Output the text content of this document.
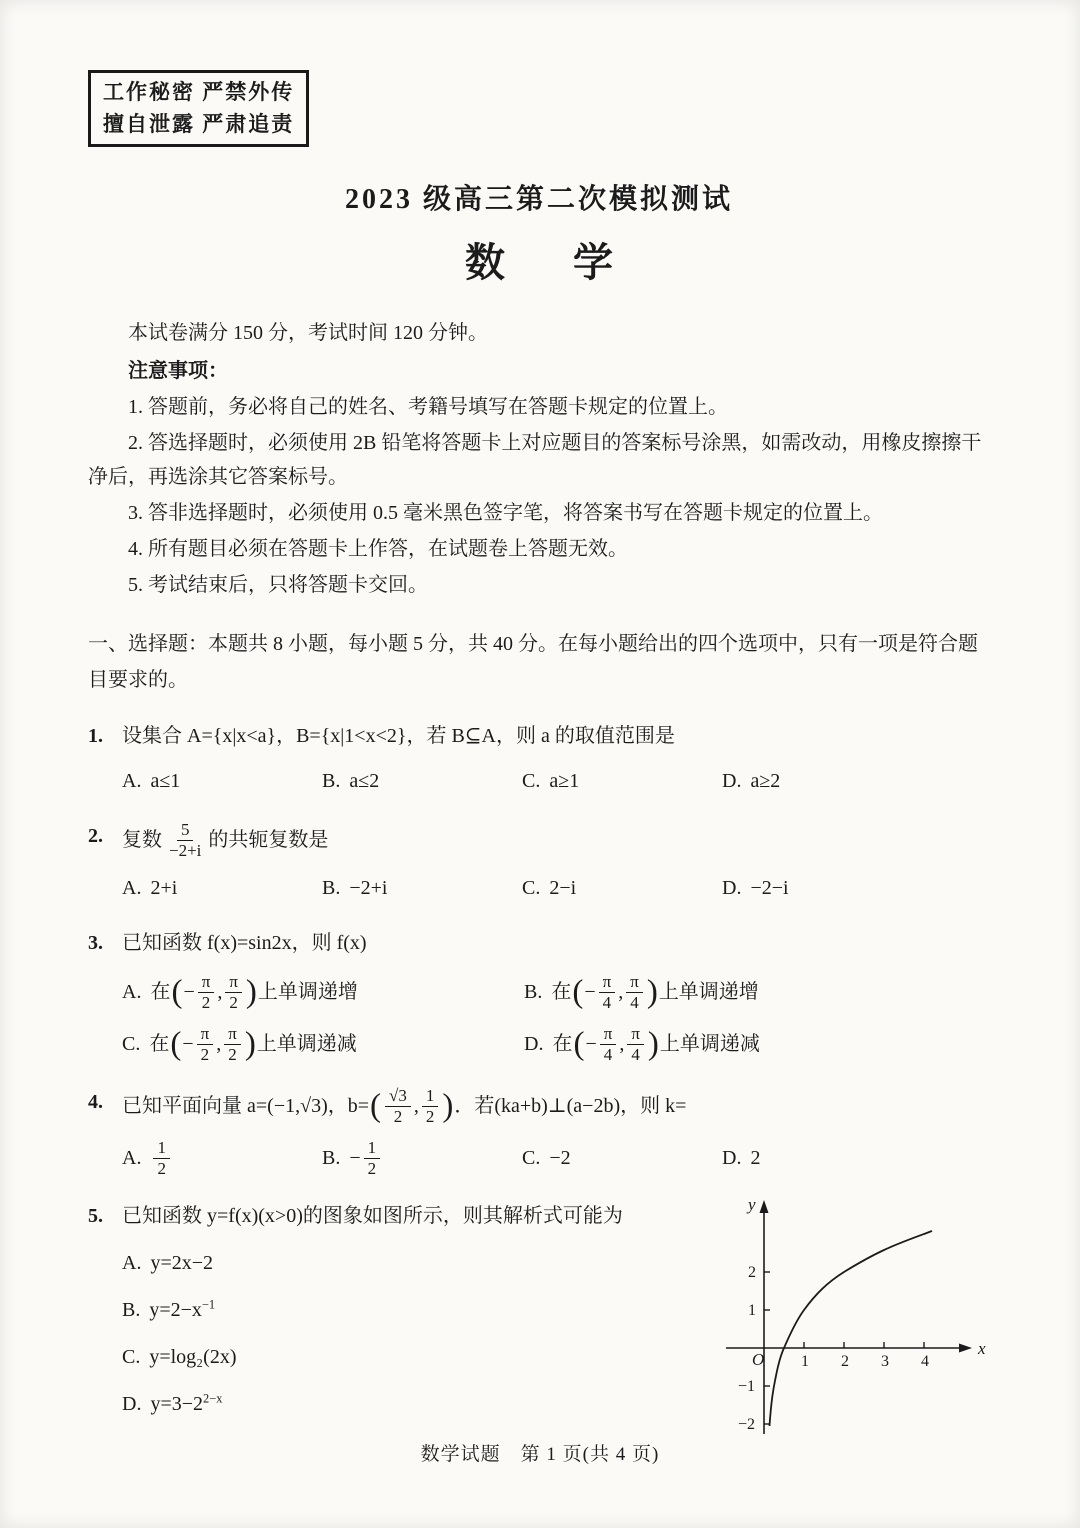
工作秘密 严禁外传
擅自泄露 严肃追责
2023 级高三第二次模拟测试
数　学

本试卷满分 150 分，考试时间 120 分钟。

注意事项：

1. 答题前，务必将自己的姓名、考籍号填写在答题卡规定的位置上。

2. 答选择题时，必须使用 2B 铅笔将答题卡上对应题目的答案标号涂黑，如需改动，用橡皮擦擦干净后，再选涂其它答案标号。

3. 答非选择题时，必须使用 0.5 毫米黑色签字笔，将答案书写在答题卡规定的位置上。

4. 所有题目必须在答题卡上作答，在试题卷上答题无效。

5. 考试结束后，只将答题卡交回。

一、选择题：本题共 8 小题，每小题 5 分，共 40 分。在每小题给出的四个选项中，只有一项是符合题目要求的。

1. 设集合 A={x|x<a}，B={x|1<x<2}，若 B⊆A，则 a 的取值范围是
A. a≤1	B. a≤2	C. a≥1	D. a≥2
2. 复数 $\frac{5}{-2+i}$ 的共轭复数是
A. 2+i	B. −2+i	C. 2−i	D. −2−i
3. 已知函数 f(x)=sin2x，则 f(x)
A. 在 ( − $\frac{\pi}{2}$ , $\frac{\pi}{2}$ ) 上单调递增	B. 在 ( − $\frac{\pi}{4}$ , $\frac{\pi}{4}$ ) 上单调递增
C. 在 ( − $\frac{\pi}{2}$ , $\frac{\pi}{2}$ ) 上单调递减	D. 在 ( − $\frac{\pi}{4}$ , $\frac{\pi}{4}$ ) 上单调递减
4. 已知平面向量 a=(−1,√3)，b= ( $\frac{√3}{2}$ , $\frac{1}{2}$ ) ．若(ka+b)⊥(a−2b)，则 k=
A. $\frac{1}{2}$	B. − $\frac{1}{2}$	C. −2	D. 2
5. 已知函数 y=f(x)(x>0)的图象如图所示，则其解析式可能为
A. y=2x−2
B. $y=2-x^{-1}$
C. y=log₂(2x)
D. $y=3-2^{2-x}$
O
x
y
1 2 3 4
1
2
−1
−2
数学试题　第 1 页(共 4 页)
